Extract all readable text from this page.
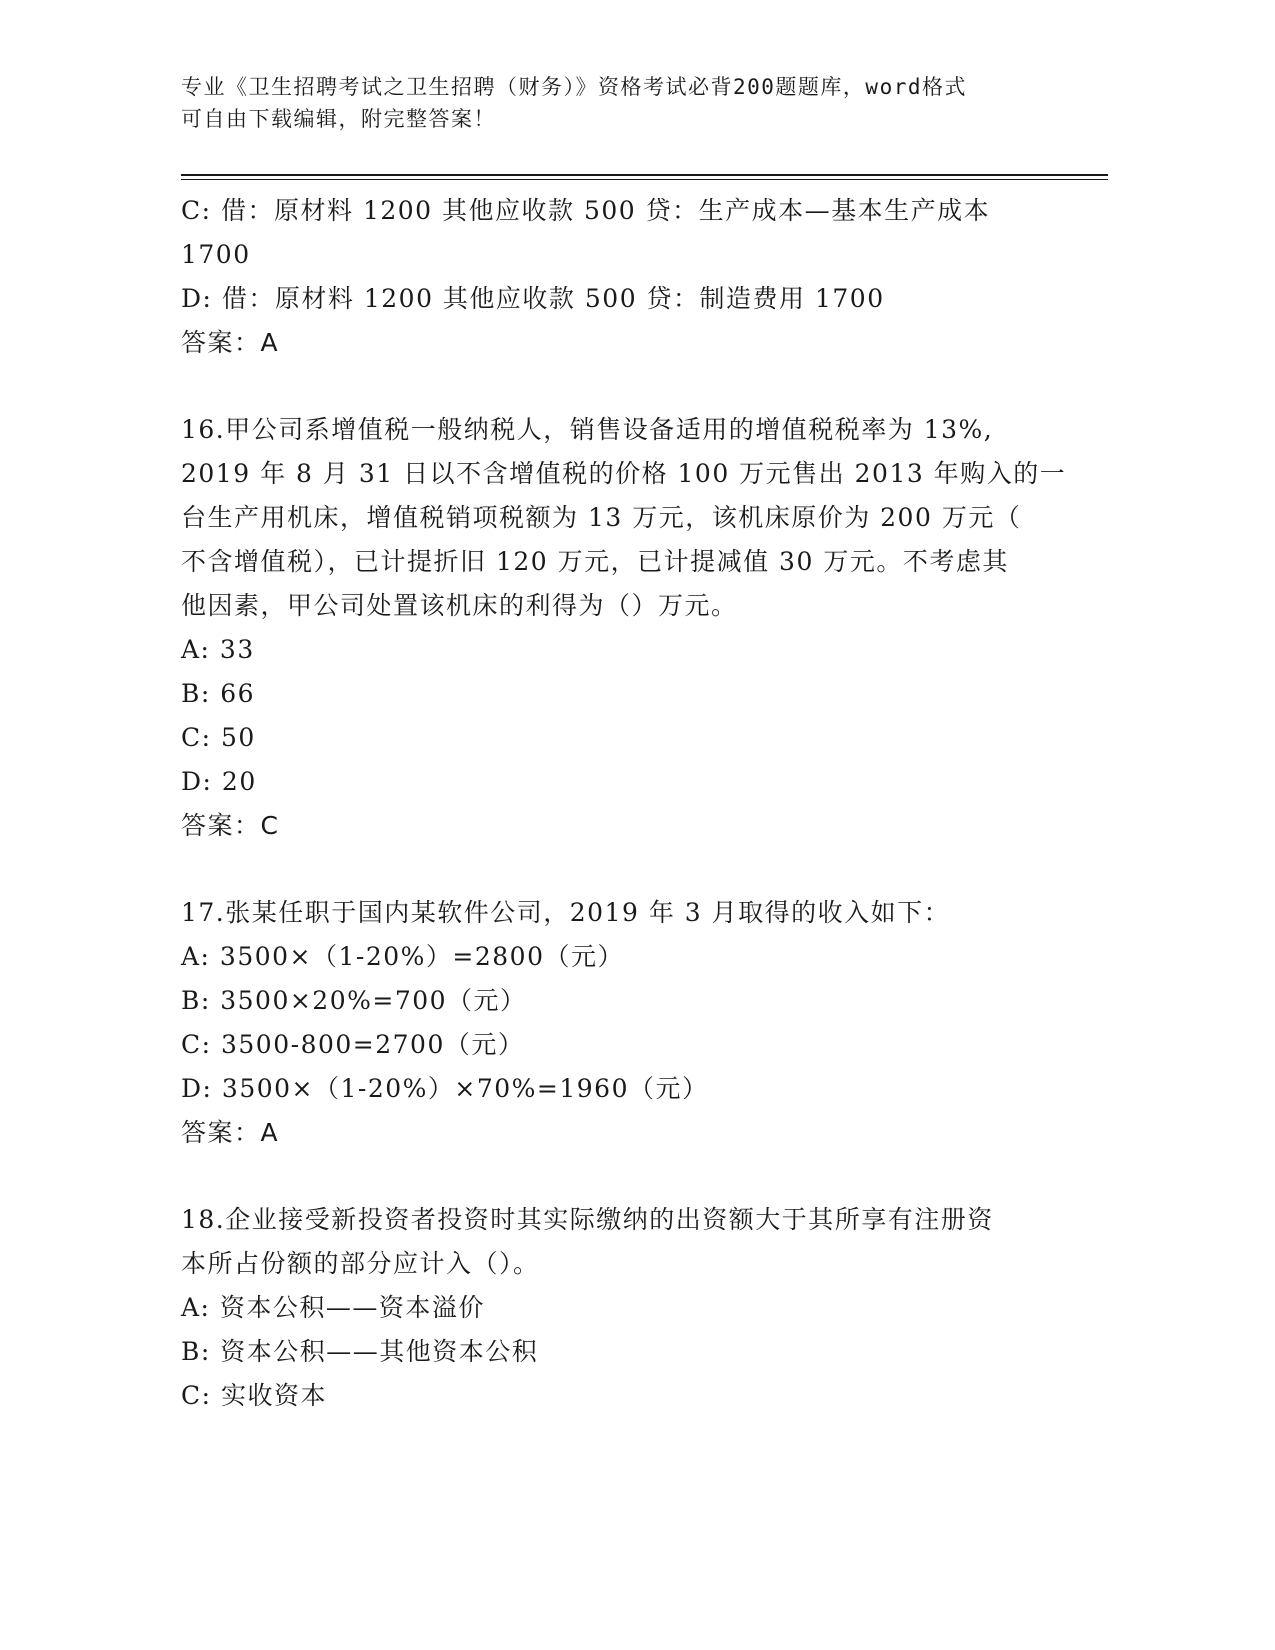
专业《卫生招聘考试之卫生招聘（财务）》资格考试必背200题题库，word格式
可自由下载编辑，附完整答案！
C: 借：原材料 1200 其他应收款 500 贷：生产成本—基本生产成本
1700
D: 借：原材料 1200 其他应收款 500 贷：制造费用 1700
答案：A
16.甲公司系增值税一般纳税人，销售设备适用的增值税税率为 13%,
2019 年 8 月 31 日以不含增值税的价格 100 万元售出 2013 年购入的一
台生产用机床，增值税销项税额为 13 万元，该机床原价为 200 万元（
不含增值税），已计提折旧 120 万元，已计提减值 30 万元。不考虑其
他因素，甲公司处置该机床的利得为（）万元。
A: 33
B: 66
C: 50
D: 20
答案：C
17.张某任职于国内某软件公司，2019 年 3 月取得的收入如下：
A: 3500×（1-20%）=2800（元）
B: 3500×20%=700（元）
C: 3500-800=2700（元）
D: 3500×（1-20%）×70%=1960（元）
答案：A
18.企业接受新投资者投资时其实际缴纳的出资额大于其所享有注册资
本所占份额的部分应计入（）。
A: 资本公积——资本溢价
B: 资本公积——其他资本公积
C: 实收资本
